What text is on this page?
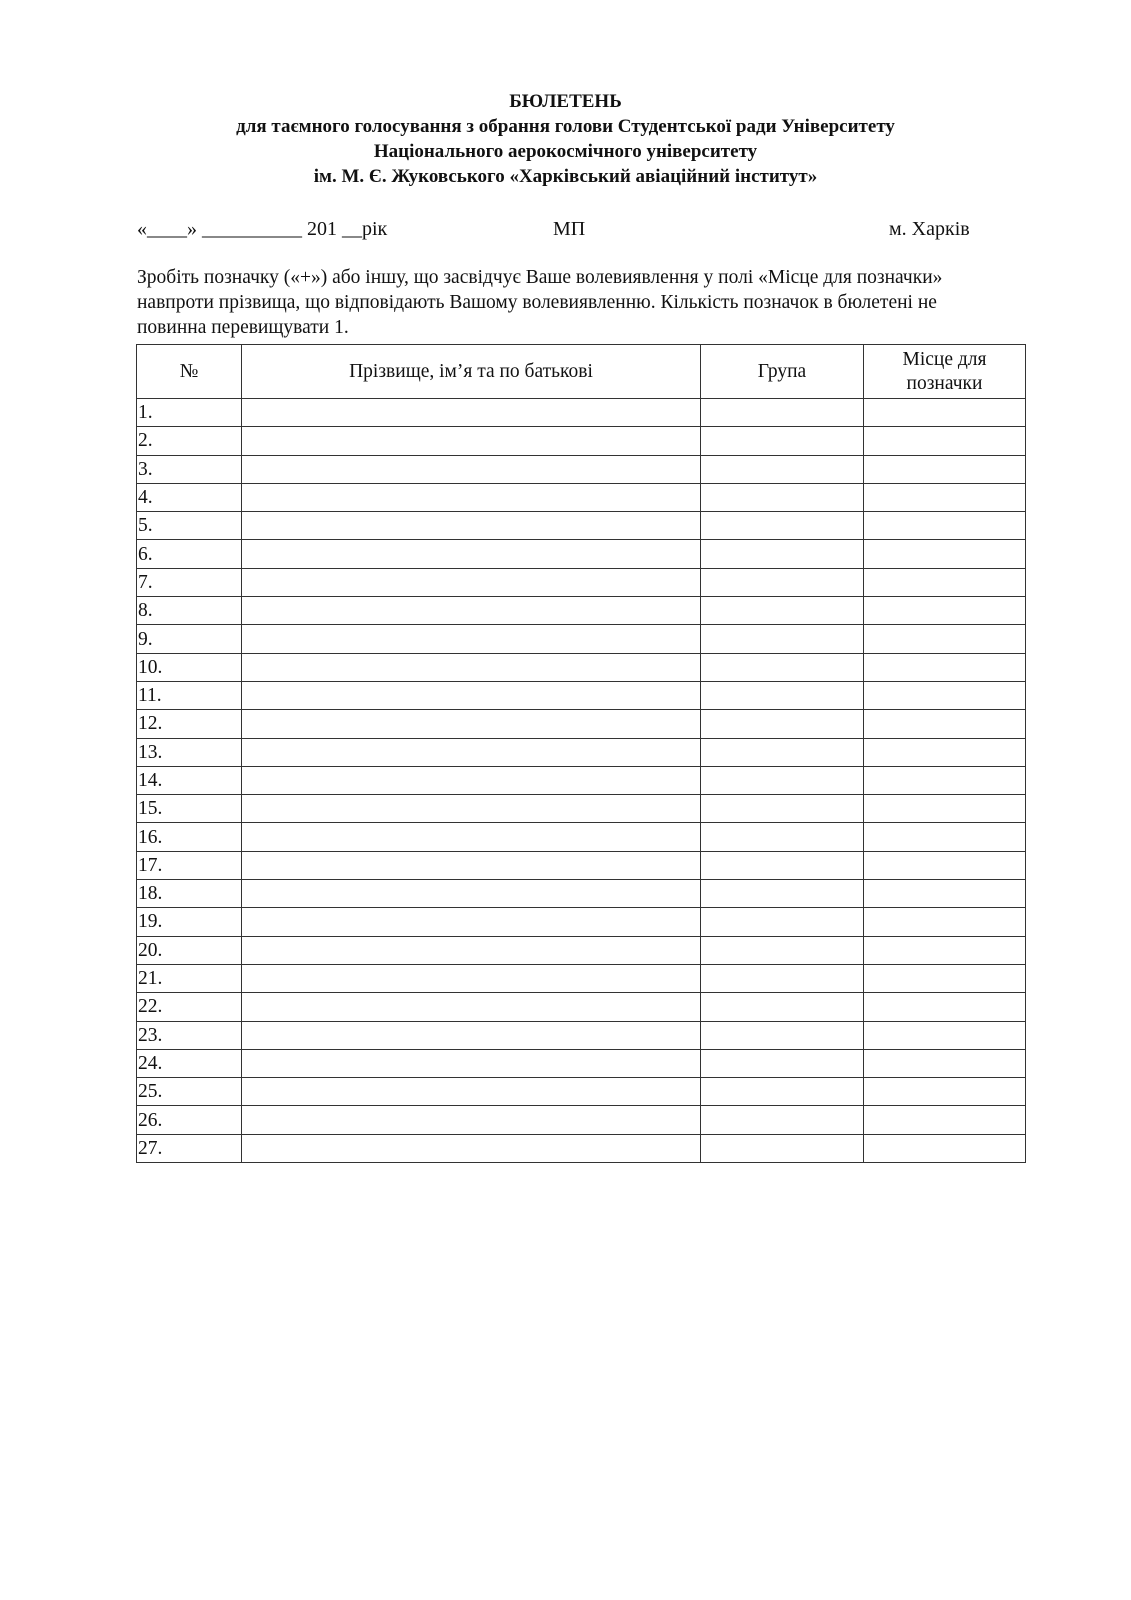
БЮЛЕТЕНЬ
для таємного голосування з обрання голови Студентської ради Університету
Національного аерокосмічного університету
ім. М. Є. Жуковського «Харківський авіаційний інститут»
«____» __________ 201 __рік	МП	м. Харків
Зробіть позначку («+») або іншу, що засвідчує Ваше волевиявлення у полі «Місце для позначки»
навпроти прізвища, що відповідають Вашому волевиявленню. Кількість позначок в бюлетені не
повинна перевищувати 1.
№	Прізвище, ім’я та по батькові	Група	Місце для
позначки
1.			
2.			
3.			
4.			
5.			
6.			
7.			
8.			
9.			
10.			
11.			
12.			
13.			
14.			
15.			
16.			
17.			
18.			
19.			
20.			
21.			
22.			
23.			
24.			
25.			
26.			
27.			
